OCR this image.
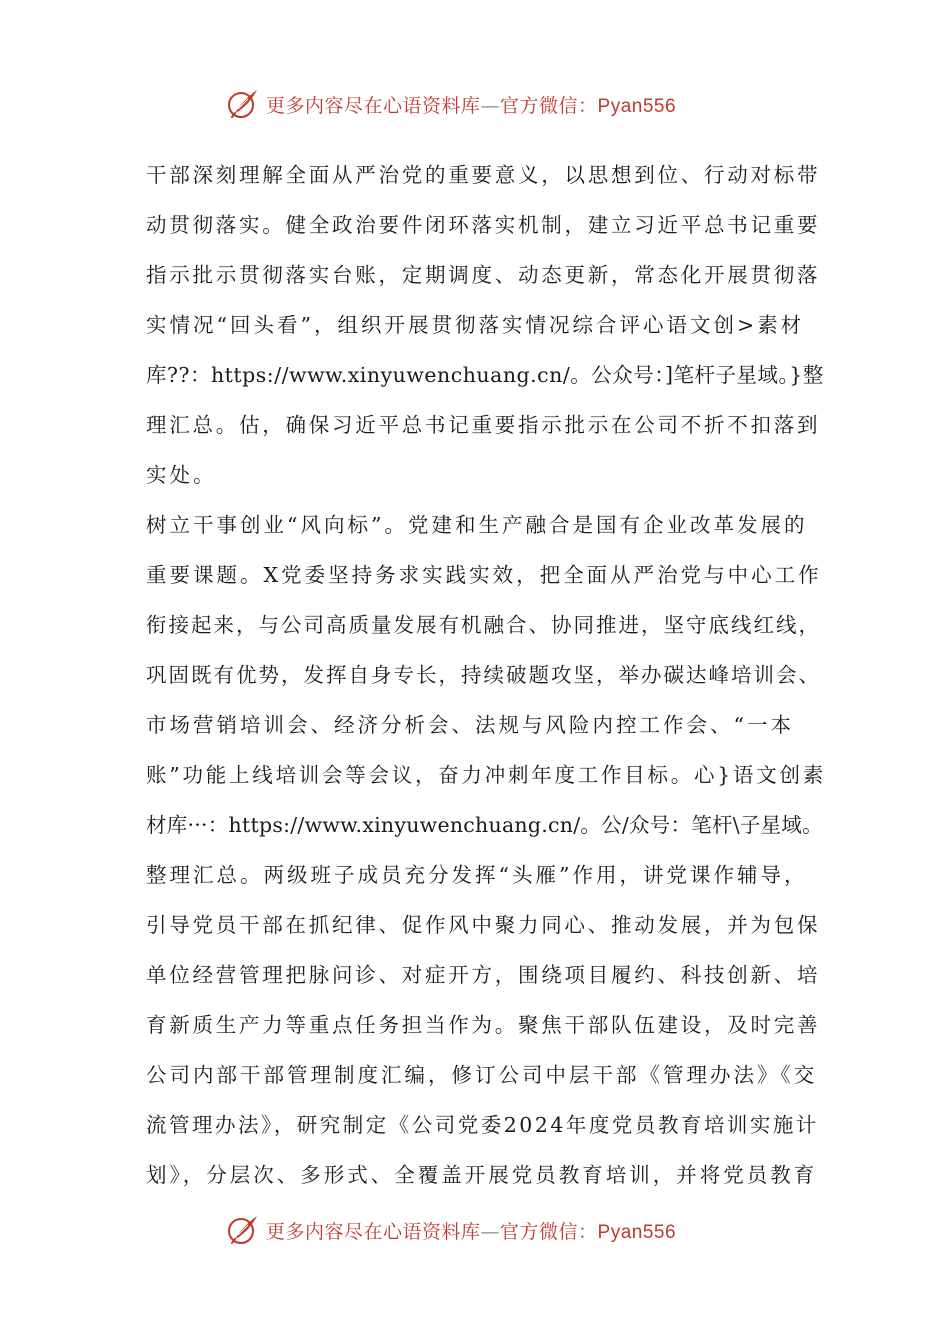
更多内容尽在心语资料库—官方微信：Pyan556
干部深刻理解全面从严治党的重要意义，以思想到位、行动对标带
动贯彻落实。健全政治要件闭环落实机制，建立习近平总书记重要
指示批示贯彻落实台账，定期调度、动态更新，常态化开展贯彻落
实情况“回头看”，组织开展贯彻落实情况综合评心语文创>素材
库??：https://www.xinyuwenchuang.cn/。公众号：]笔杆子星域。}整
理汇总。估，确保习近平总书记重要指示批示在公司不折不扣落到
实处。
树立干事创业“风向标”。党建和生产融合是国有企业改革发展的
重要课题。X党委坚持务求实践实效，把全面从严治党与中心工作
衔接起来，与公司高质量发展有机融合、协同推进，坚守底线红线，
巩固既有优势，发挥自身专长，持续破题攻坚，举办碳达峰培训会、
市场营销培训会、经济分析会、法规与风险内控工作会、“一本
账”功能上线培训会等会议，奋力冲刺年度工作目标。心}语文创素
材库···：https://www.xinyuwenchuang.cn/。公/众号：笔杆\子星域。
整理汇总。两级班子成员充分发挥“头雁”作用，讲党课作辅导，
引导党员干部在抓纪律、促作风中聚力同心、推动发展，并为包保
单位经营管理把脉问诊、对症开方，围绕项目履约、科技创新、培
育新质生产力等重点任务担当作为。聚焦干部队伍建设，及时完善
公司内部干部管理制度汇编，修订公司中层干部《管理办法》《交
流管理办法》，研究制定《公司党委2024年度党员教育培训实施计
划》，分层次、多形式、全覆盖开展党员教育培训，并将党员教育
更多内容尽在心语资料库—官方微信：Pyan556
